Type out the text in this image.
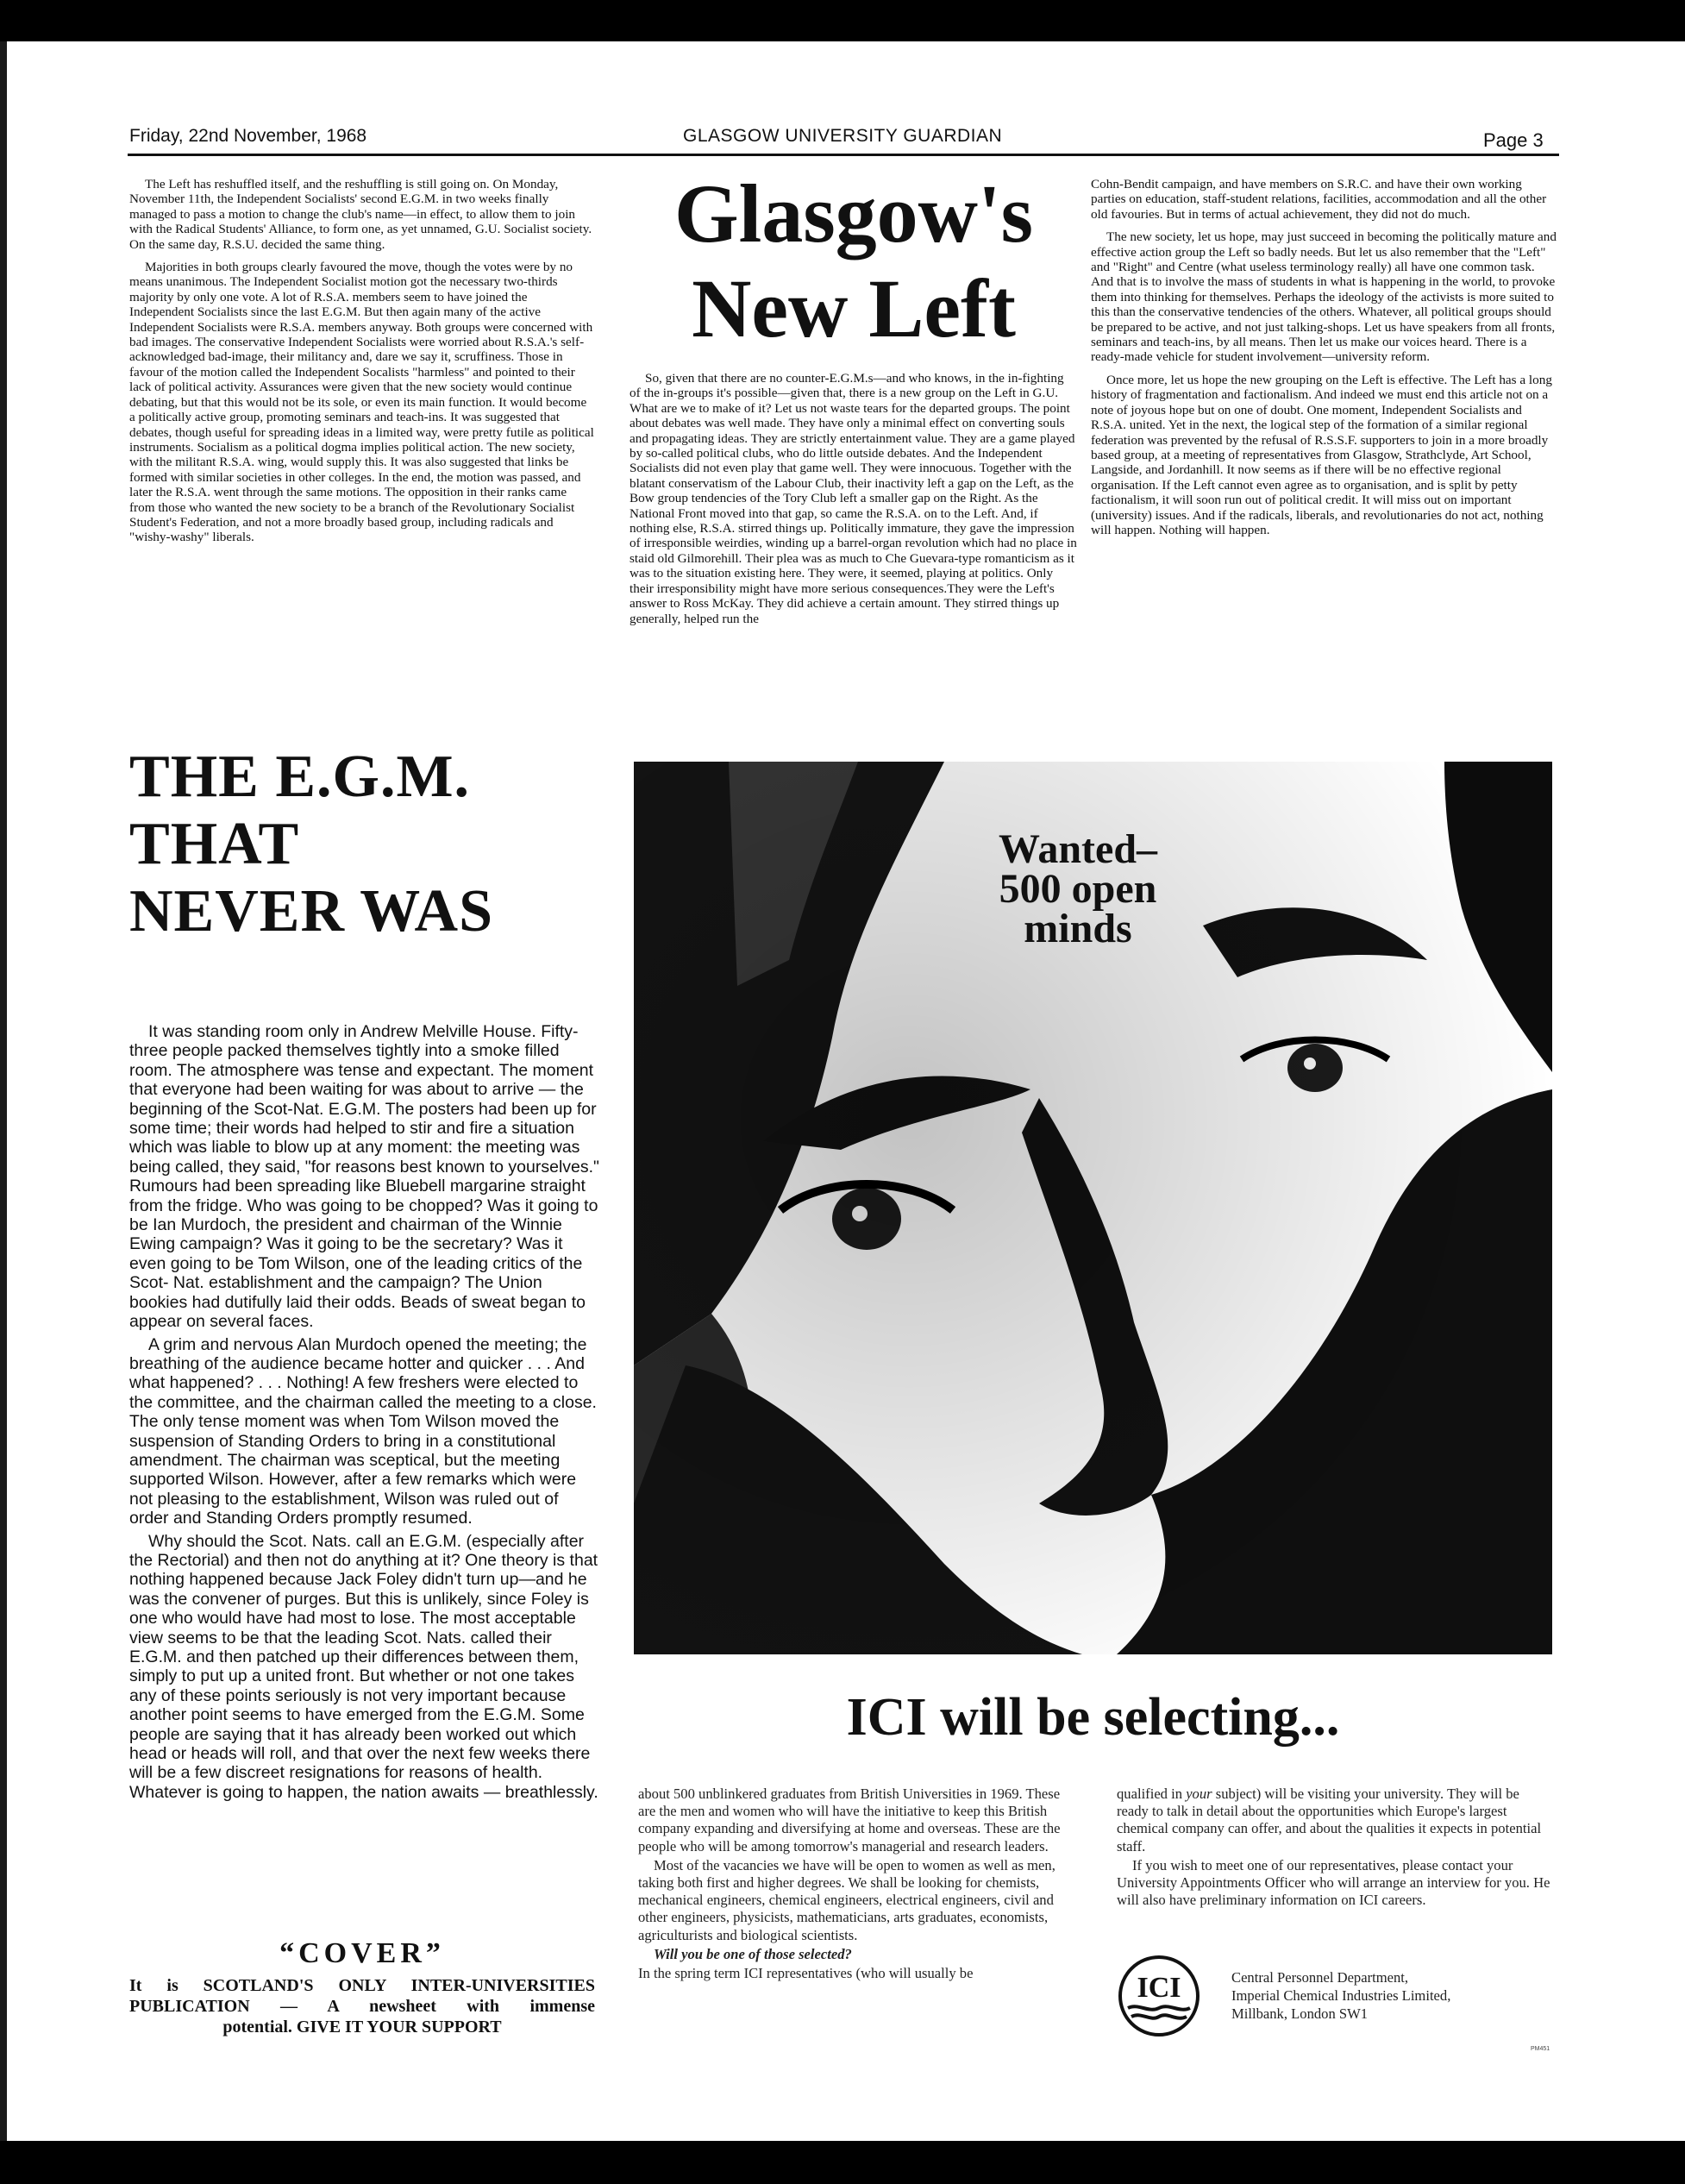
Friday, 22nd November, 1968	GLASGOW UNIVERSITY GUARDIAN	Page 3
Glasgow's
New Left

The Left has reshuffled itself, and the reshuffling is still going on. On Monday, November 11th, the Independent Socialists' second E.G.M. in two weeks finally managed to pass a motion to change the club's name—in effect, to allow them to join with the Radical Students' Alliance, to form one, as yet unnamed, G.U. Socialist society. On the same day, R.S.U. decided the same thing.

Majorities in both groups clearly favoured the move, though the votes were by no means unanimous. The Independent Socialist motion got the necessary two-thirds majority by only one vote. A lot of R.S.A. members seem to have joined the Independent Socialists since the last E.G.M. But then again many of the active Independent Socialists were R.S.A. members anyway. Both groups were concerned with bad images. The conservative Independent Socialists were worried about R.S.A.'s self-acknowledged bad-image, their militancy and, dare we say it, scruffiness. Those in favour of the motion called the Independent Socalists "harmless" and pointed to their lack of political activity. Assurances were given that the new society would continue debating, but that this would not be its sole, or even its main function. It would become a politically active group, promoting seminars and teach-ins. It was suggested that debates, though useful for spreading ideas in a limited way, were pretty futile as political instruments. Socialism as a political dogma implies political action. The new society, with the militant R.S.A. wing, would supply this. It was also suggested that links be formed with similar societies in other colleges. In the end, the motion was passed, and later the R.S.A. went through the same motions. The opposition in their ranks came from those who wanted the new society to be a branch of the Revolutionary Socialist Student's Federation, and not a more broadly based group, including radicals and "wishy-washy" liberals.

So, given that there are no counter-E.G.M.s—and who knows, in the in-fighting of the in-groups it's possible—given that, there is a new group on the Left in G.U. What are we to make of it? Let us not waste tears for the departed groups. The point about debates was well made. They have only a minimal effect on converting souls and propagating ideas. They are strictly entertainment value. They are a game played by so-called political clubs, who do little outside debates. And the Independent Socialists did not even play that game well. They were innocuous. Together with the blatant conservatism of the Labour Club, their inactivity left a gap on the Left, as the Bow group tendencies of the Tory Club left a smaller gap on the Right. As the National Front moved into that gap, so came the R.S.A. on to the Left. And, if nothing else, R.S.A. stirred things up. Politically immature, they gave the impression of irresponsible weirdies, winding up a barrel-organ revolution which had no place in staid old Gilmorehill. Their plea was as much to Che Guevara-type romanticism as it was to the situation existing here. They were, it seemed, playing at politics. Only their irresponsibility might have more serious consequences.They were the Left's answer to Ross McKay. They did achieve a certain amount. They stirred things up generally, helped run the

Cohn-Bendit campaign, and have members on S.R.C. and have their own working parties on education, staff-student relations, facilities, accommodation and all the other old favouries. But in terms of actual achievement, they did not do much.

The new society, let us hope, may just succeed in becoming the politically mature and effective action group the Left so badly needs. But let us also remember that the "Left" and "Right" and Centre (what useless terminology really) all have one common task. And that is to involve the mass of students in what is happening in the world, to provoke them into thinking for themselves. Perhaps the ideology of the activists is more suited to this than the conservative tendencies of the others. Whatever, all political groups should be prepared to be active, and not just talking-shops. Let us have speakers from all fronts, seminars and teach-ins, by all means. Then let us make our voices heard. There is a ready-made vehicle for student involvement—university reform.

Once more, let us hope the new grouping on the Left is effective. The Left has a long history of fragmentation and factionalism. And indeed we must end this article not on a note of joyous hope but on one of doubt. One moment, Independent Socialists and R.S.A. united. Yet in the next, the logical step of the formation of a similar regional federation was prevented by the refusal of R.S.S.F. supporters to join in a more broadly based group, at a meeting of representatives from Glasgow, Strathclyde, Art School, Langside, and Jordanhill. It now seems as if there will be no effective regional organisation. If the Left cannot even agree as to organisation, and is split by petty factionalism, it will soon run out of political credit. It will miss out on important (university) issues. And if the radicals, liberals, and revolutionaries do not act, nothing will happen. Nothing will happen.

THE E.G.M.
THAT
NEVER WAS

It was standing room only in Andrew Melville House. Fifty-three people packed themselves tightly into a smoke filled room. The atmosphere was tense and expectant. The moment that everyone had been waiting for was about to arrive — the beginning of the Scot-Nat. E.G.M. The posters had been up for some time; their words had helped to stir and fire a situation which was liable to blow up at any moment: the meeting was being called, they said, "for reasons best known to yourselves." Rumours had been spreading like Bluebell margarine straight from the fridge. Who was going to be chopped? Was it going to be Ian Murdoch, the president and chairman of the Winnie Ewing campaign? Was it going to be the secretary? Was it even going to be Tom Wilson, one of the leading critics of the Scot- Nat. establishment and the campaign? The Union bookies had dutifully laid their odds. Beads of sweat began to appear on several faces.

A grim and nervous Alan Murdoch opened the meeting; the breathing of the audience became hotter and quicker . . . And what happened? . . . Nothing! A few freshers were elected to the committee, and the chairman called the meeting to a close. The only tense moment was when Tom Wilson moved the suspension of Standing Orders to bring in a constitutional amendment. The chairman was sceptical, but the meeting supported Wilson. However, after a few remarks which were not pleasing to the establishment, Wilson was ruled out of order and Standing Orders promptly resumed.

Why should the Scot. Nats. call an E.G.M. (especially after the Rectorial) and then not do anything at it? One theory is that nothing happened because Jack Foley didn't turn up—and he was the convener of purges. But this is unlikely, since Foley is one who would have had most to lose. The most acceptable view seems to be that the leading Scot. Nats. called their E.G.M. and then patched up their differences between them, simply to put up a united front. But whether or not one takes any of these points seriously is not very important because another point seems to have emerged from the E.G.M. Some people are saying that it has already been worked out which head or heads will roll, and that over the next few weeks there will be a few discreet resignations for reasons of health. Whatever is going to happen, the nation awaits — breathlessly.

“COVER”
It is SCOTLAND'S ONLY INTER-UNIVERSITIES
PUBLICATION — A newsheet with immense
potential. GIVE IT YOUR SUPPORT
Wanted–
500 open
minds
ICI will be selecting...

about 500 unblinkered graduates from British Universities in 1969. These are the men and women who will have the initiative to keep this British company expanding and diversifying at home and overseas. These are the people who will be among tomorrow's managerial and research leaders.

Most of the vacancies we have will be open to women as well as men, taking both first and higher degrees. We shall be looking for chemists, mechanical engineers, chemical engineers, electrical engineers, civil and other engineers, physicists, mathematicians, arts graduates, economists, agriculturists and biological scientists.

Will you be one of those selected?

In the spring term ICI representatives (who will usually be

qualified in your subject) will be visiting your university. They will be ready to talk in detail about the opportunities which Europe's largest chemical company can offer, and about the qualities it expects in potential staff.

If you wish to meet one of our representatives, please contact your University Appointments Officer who will arrange an interview for you. He will also have preliminary information on ICI careers.

ICI	Central Personnel Department,
Imperial Chemical Industries Limited,
Millbank, London SW1
PM451
